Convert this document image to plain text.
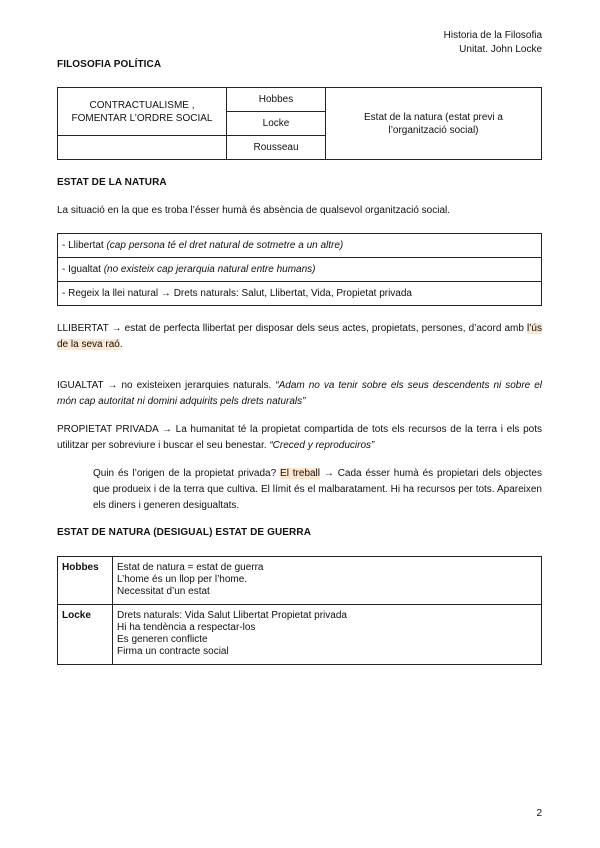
Historia de la Filosofia
Unitat. John Locke
FILOSOFIA POLÍTICA
CONTRACTUALISME ,
FOMENTAR L’ORDRE SOCIAL	Hobbes	Estat de la natura (estat previ a
l’organització social)

	Locke	
	Rousseau	
ESTAT DE LA NATURA
La situació en la que es troba l’ésser humà és absència de qualsevol organització social.
- Llibertat (cap persona té el dret natural de sotmetre a un altre)
- Igualtat (no existeix cap jerarquia natural entre humans)
- Regeix la llei natural → Drets naturals: Salut, Llibertat, Vida, Propietat privada
LLIBERTAT → estat de perfecta llibertat per disposar dels seus actes, propietats, persones, d’acord amb l’ús de la seva raó.
IGUALTAT → no existeixen jerarquies naturals. “Adam no va tenir sobre els seus descendents ni sobre el món cap autoritat ni domini adquirits pels drets naturals”
PROPIETAT PRIVADA → La humanitat té la propietat compartida de tots els recursos de la terra i els pots utilitzar per sobreviure i buscar el seu benestar. “Creced y reproduciros”
Quin és l’origen de la propietat privada? El treball → Cada ésser humà és propietari dels objectes que produeix i de la terra que cultiva. El límit és el malbaratament. Hi ha recursos per tots. Apareixen els diners i generen desigualtats.
ESTAT DE NATURA (DESIGUAL) ESTAT DE GUERRA
Hobbes	Estat de natura = estat de guerra
L’home és un llop per l’home.
Necessitat d’un estat

Locke	Drets naturals: Vida Salut Llibertat Propietat privada
Hi ha tendència a respectar-los
Es generen conflicte
Firma un contracte social
2
